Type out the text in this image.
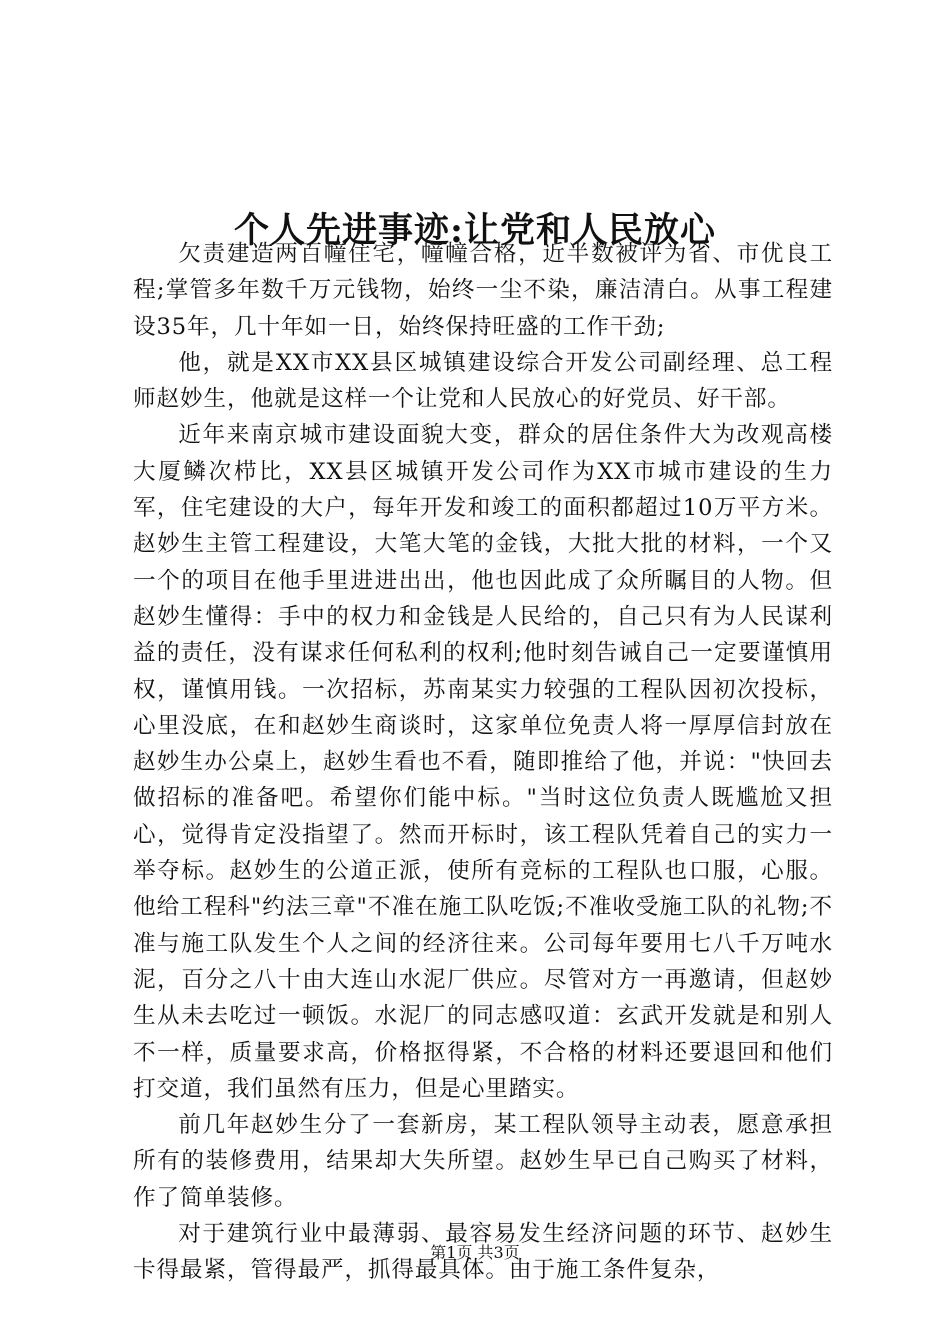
个人先进事迹:让党和人民放心

欠责建造两百幢住宅，幢幢合格，近半数被评为省、市优良工程;掌管多年数千万元钱物，始终一尘不染，廉洁清白。从事工程建设35年，几十年如一日，始终保持旺盛的工作干劲;

他，就是XX市XX县区城镇建设综合开发公司副经理、总工程师赵妙生，他就是这样一个让党和人民放心的好党员、好干部。

近年来南京城市建设面貌大变，群众的居住条件大为改观高楼大厦鳞次栉比，XX县区城镇开发公司作为XX市城市建设的生力军，住宅建设的大户，每年开发和竣工的面积都超过10万平方米。赵妙生主管工程建设，大笔大笔的金钱，大批大批的材料，一个又一个的项目在他手里进进出出，他也因此成了众所瞩目的人物。但赵妙生懂得：手中的权力和金钱是人民给的，自己只有为人民谋利益的责任，没有谋求任何私利的权利;他时刻告诫自己一定要谨慎用权，谨慎用钱。一次招标，苏南某实力较强的工程队因初次投标，心里没底，在和赵妙生商谈时，这家单位免责人将一厚厚信封放在赵妙生办公桌上，赵妙生看也不看，随即推给了他，并说："快回去做招标的准备吧。希望你们能中标。"当时这位负责人既尴尬又担心，觉得肯定没指望了。然而开标时，该工程队凭着自己的实力一举夺标。赵妙生的公道正派，使所有竞标的工程队也口服，心服。他给工程科"约法三章"不准在施工队吃饭;不准收受施工队的礼物;不准与施工队发生个人之间的经济往来。公司每年要用七八千万吨水泥，百分之八十由大连山水泥厂供应。尽管对方一再邀请，但赵妙生从未去吃过一顿饭。水泥厂的同志感叹道：玄武开发就是和别人不一样，质量要求高，价格抠得紧，不合格的材料还要退回和他们打交道，我们虽然有压力，但是心里踏实。

前几年赵妙生分了一套新房，某工程队领导主动表，愿意承担所有的装修费用，结果却大失所望。赵妙生早已自己购买了材料，作了简单装修。

对于建筑行业中最薄弱、最容易发生经济问题的环节、赵妙生卡得最紧，管得最严，抓得最具体。由于施工条件复杂，

第1页 共3页
